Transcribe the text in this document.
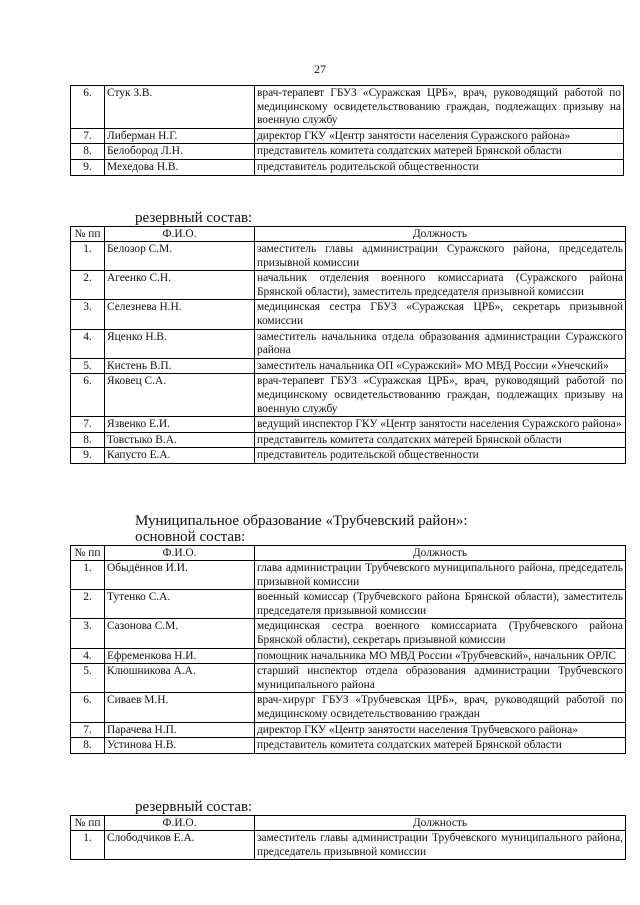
27
6.	Стук З.В.	врач-терапевт ГБУЗ «Суражская ЦРБ», врач, руководящий работой по медицинскому освидетельствованию граждан, подлежащих призыву на военную службу
7.	Либерман Н.Г.	директор ГКУ «Центр занятости населения Суражского района»
8.	Белобород Л.Н.	представитель комитета солдатских матерей Брянской области
9.	Мехедова Н.В.	представитель родительской общественности
резервный состав:
№ пп	Ф.И.О.	Должность
1.	Белозор С.М.	заместитель главы администрации Суражского района, председатель призывной комиссии
2.	Агеенко С.Н.	начальник отделения военного комиссариата (Суражского района Брянской области), заместитель председателя призывной комиссии
3.	Селезнева Н.Н.	медицинская сестра ГБУЗ «Суражская ЦРБ», секретарь призывной комиссии
4.	Яценко Н.В.	заместитель начальника отдела образования администрации Суражского района
5.	Кистень В.П.	заместитель начальника ОП «Суражский» МО МВД России «Унечский»
6.	Яковец С.А.	врач-терапевт ГБУЗ «Суражская ЦРБ», врач, руководящий работой по медицинскому освидетельствованию граждан, подлежащих призыву на военную службу
7.	Язвенко Е.И.	ведущий инспектор ГКУ «Центр занятости населения Суражского района»
8.	Товстыко В.А.	представитель комитета солдатских матерей Брянской области
9.	Капусто Е.А.	представитель родительской общественности
Муниципальное образование «Трубчевский район»:
основной состав:
№ пп	Ф.И.О.	Должность
1.	Обыдённов И.И.	глава администрации Трубчевского муниципального района, председатель призывной комиссии
2.	Тутенко С.А.	военный комиссар (Трубчевского района Брянской области), заместитель председателя призывной комиссии
3.	Сазонова С.М.	медицинская сестра военного комиссариата (Трубчевского района Брянской области), секретарь призывной комиссии
4.	Ефременкова Н.И.	помощник начальника МО МВД России «Трубчевский», начальник ОРЛС
5.	Клюшникова А.А.	старший инспектор отдела образования администрации Трубчевского муниципального района
6.	Сиваев М.Н.	врач-хирург ГБУЗ «Трубчевская ЦРБ», врач, руководящий работой по медицинскому освидетельствованию граждан
7.	Парачева Н.П.	директор ГКУ «Центр занятости населения Трубчевского района»
8.	Устинова Н.В.	представитель комитета солдатских матерей Брянской области
резервный состав:
№ пп	Ф.И.О.	Должность
1.	Слободчиков Е.А.	заместитель главы администрации Трубчевского муниципального района, председатель призывной комиссии
